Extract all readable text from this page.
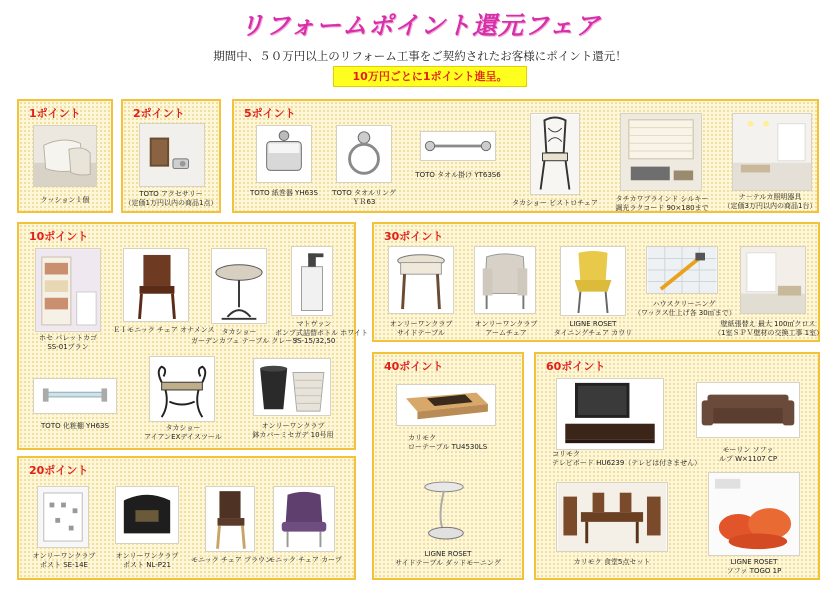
リフォームポイント還元フェア
期間中、５０万円以上のリフォーム工事をご契約されたお客様にポイント還元！
10万円ごとに1ポイント進呈。
1ポイント
クッション１個
2ポイント
TOTO アクセサリー
（定価1万円以内の商品1点）
5ポイント
TOTO 紙巻器 YH63S	TOTO タオルリング
ＹＲ63
TOTO タオル掛け YT63S6
タカショー ビストロチェア	タチカワブラインド シルキー
調光ラクコード 90×180まで
ナ－テルカ照明器具
（定価3万円以内の商品1台）
10ポイント
ホセ パレットカゴ
SS-01ブラン
ＥＩモニック チェア オナメンス	タカショー
ガーデンカフェ テーブル クレーナ
マトヴァン
ポンプ式詰替ボトル ホワイト
SS-15/32,50
TOTO 化粧棚 YH63S	タカショー
アイアンEXデイスツール
オンリーワンクラブ
鉢カバーミセガデ 10号用
20ポイント
オンリーワンクラブ
ポスト SE-14E
オンリーワンクラブ
ポスト NL-P21
モニック チェア ブラウン
モニック チェア カーブ
30ポイント
オンリーワンクラブ
サイドテーブル
オンリーワンクラブ
アームチェア
LIGNE ROSET
タイニングチェア カウリ
ハウスクリーニング
（ワックス仕上げ各 30㎡まで）
壁紙張替え 最大 100㎡クロス
（1室ＳＰＶ壁材の交換工事 1室）
40ポイント
カリモク
ローテーブル TU4530LS
LIGNE ROSET
サイドテーブル ダッドモーニング
60ポイント
コリモク
テレビボード HU6239（テレビは付きません）
モーリン ソファ
ルプ W×1107 CP
カリモク 食堂5点セット	LIGNE ROSET
ソファ TOGO 1P
